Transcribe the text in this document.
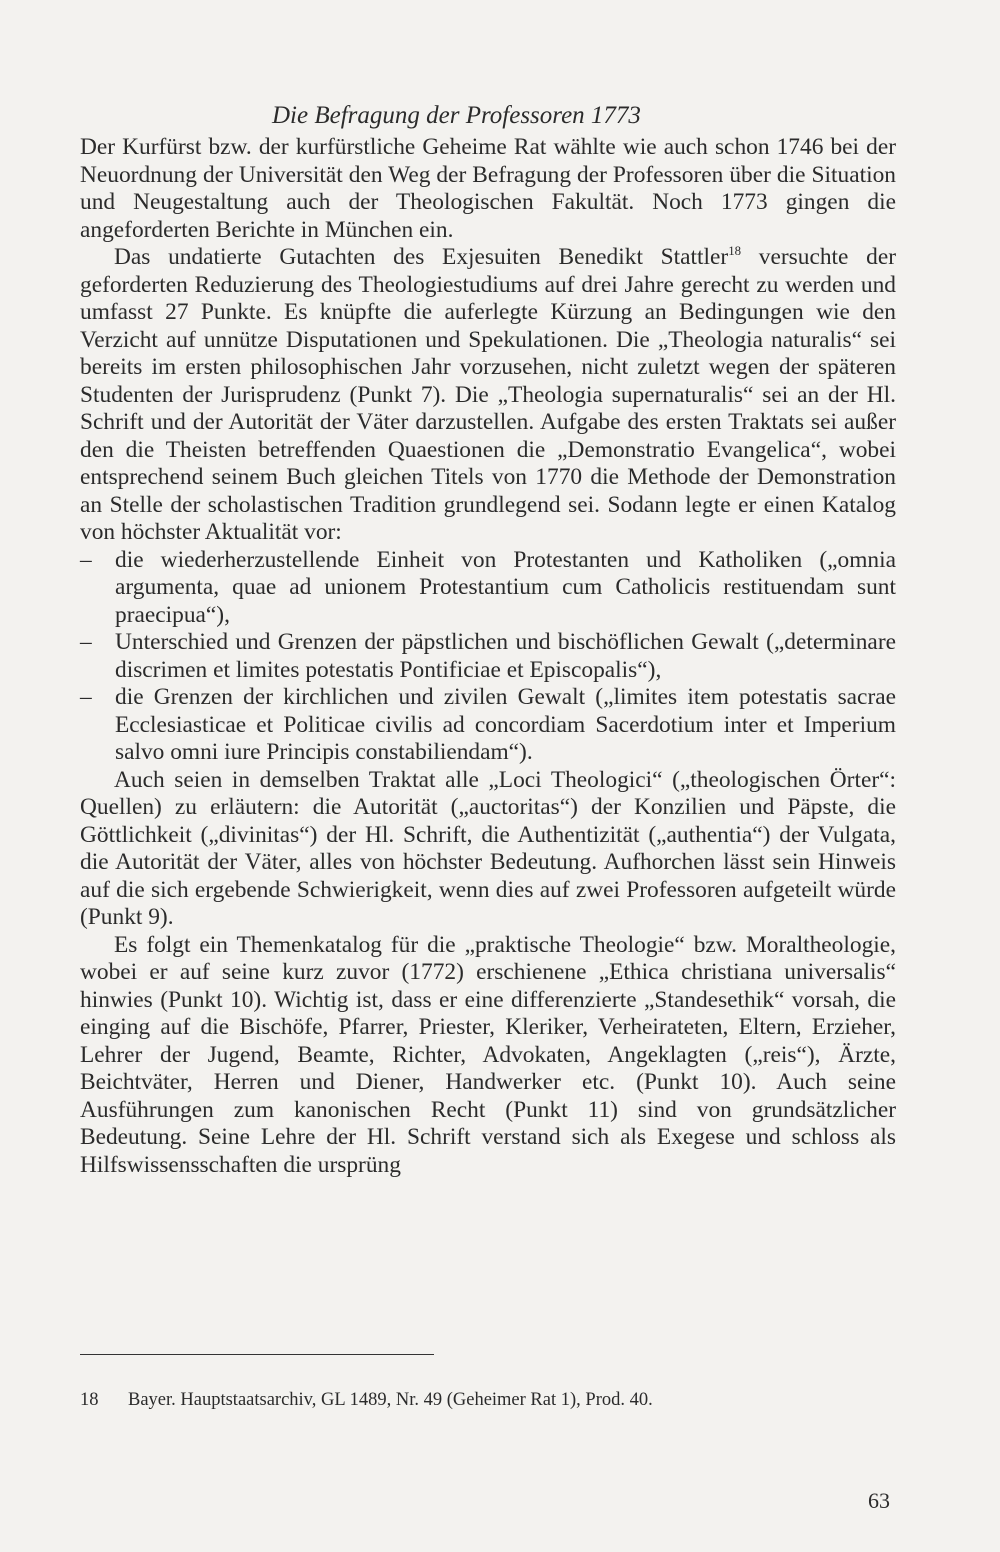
Die Befragung der Professoren 1773

Der Kurfürst bzw. der kurfürstliche Geheime Rat wählte wie auch schon 1746 bei der Neuordnung der Universität den Weg der Befragung der Professoren über die Situation und Neugestaltung auch der Theologischen Fakultät. Noch 1773 gingen die angeforderten Berichte in München ein.

Das undatierte Gutachten des Exjesuiten Benedikt Stattler$^{18}$ versuchte der geforderten Reduzierung des Theologiestudiums auf drei Jahre gerecht zu werden und umfasst 27 Punkte. Es knüpfte die auferlegte Kürzung an Bedingungen wie den Verzicht auf unnütze Disputationen und Spekulationen. Die „Theologia naturalis“ sei bereits im ersten philosophischen Jahr vorzusehen, nicht zuletzt wegen der späteren Studenten der Jurisprudenz (Punkt 7). Die „Theologia supernaturalis“ sei an der Hl. Schrift und der Autorität der Väter darzustellen. Aufgabe des ersten Traktats sei außer den die Theisten betreffenden Quaestionen die „Demonstratio Evangelica“, wobei entsprechend seinem Buch gleichen Titels von 1770 die Methode der Demonstration an Stelle der scholastischen Tradition grundlegend sei. Sodann legte er einen Katalog von höchster Aktualität vor:

– die wiederherzustellende Einheit von Protestanten und Katholiken („omnia argumenta, quae ad unionem Protestantium cum Catholicis restituendam sunt praecipua“),
– Unterschied und Grenzen der päpstlichen und bischöflichen Gewalt („determinare discrimen et limites potestatis Pontificiae et Episcopalis“),
– die Grenzen der kirchlichen und zivilen Gewalt („limites item potestatis sacrae Ecclesiasticae et Politicae civilis ad concordiam Sacerdotium inter et Imperium salvo omni iure Principis constabiliendam“).

Auch seien in demselben Traktat alle „Loci Theologici“ („theologischen Örter“: Quellen) zu erläutern: die Autorität („auctoritas“) der Konzilien und Päpste, die Göttlichkeit („divinitas“) der Hl. Schrift, die Authentizität („authentia“) der Vulgata, die Autorität der Väter, alles von höchster Bedeutung. Aufhorchen lässt sein Hinweis auf die sich ergebende Schwierigkeit, wenn dies auf zwei Professoren aufgeteilt würde (Punkt 9).

Es folgt ein Themenkatalog für die „praktische Theologie“ bzw. Moraltheologie, wobei er auf seine kurz zuvor (1772) erschienene „Ethica christiana universalis“ hinwies (Punkt 10). Wichtig ist, dass er eine differenzierte „Standesethik“ vorsah, die einging auf die Bischöfe, Pfarrer, Priester, Kleriker, Verheirateten, Eltern, Erzieher, Lehrer der Jugend, Beamte, Richter, Advokaten, Angeklagten („reis“), Ärzte, Beichtväter, Herren und Diener, Handwerker etc. (Punkt 10). Auch seine Ausführungen zum kanonischen Recht (Punkt 11) sind von grundsätzlicher Bedeutung. Seine Lehre der Hl. Schrift verstand sich als Exegese und schloss als Hilfswissensschaften die ursprüng

18 Bayer. Hauptstaatsarchiv, GL 1489, Nr. 49 (Geheimer Rat 1), Prod. 40.
63
